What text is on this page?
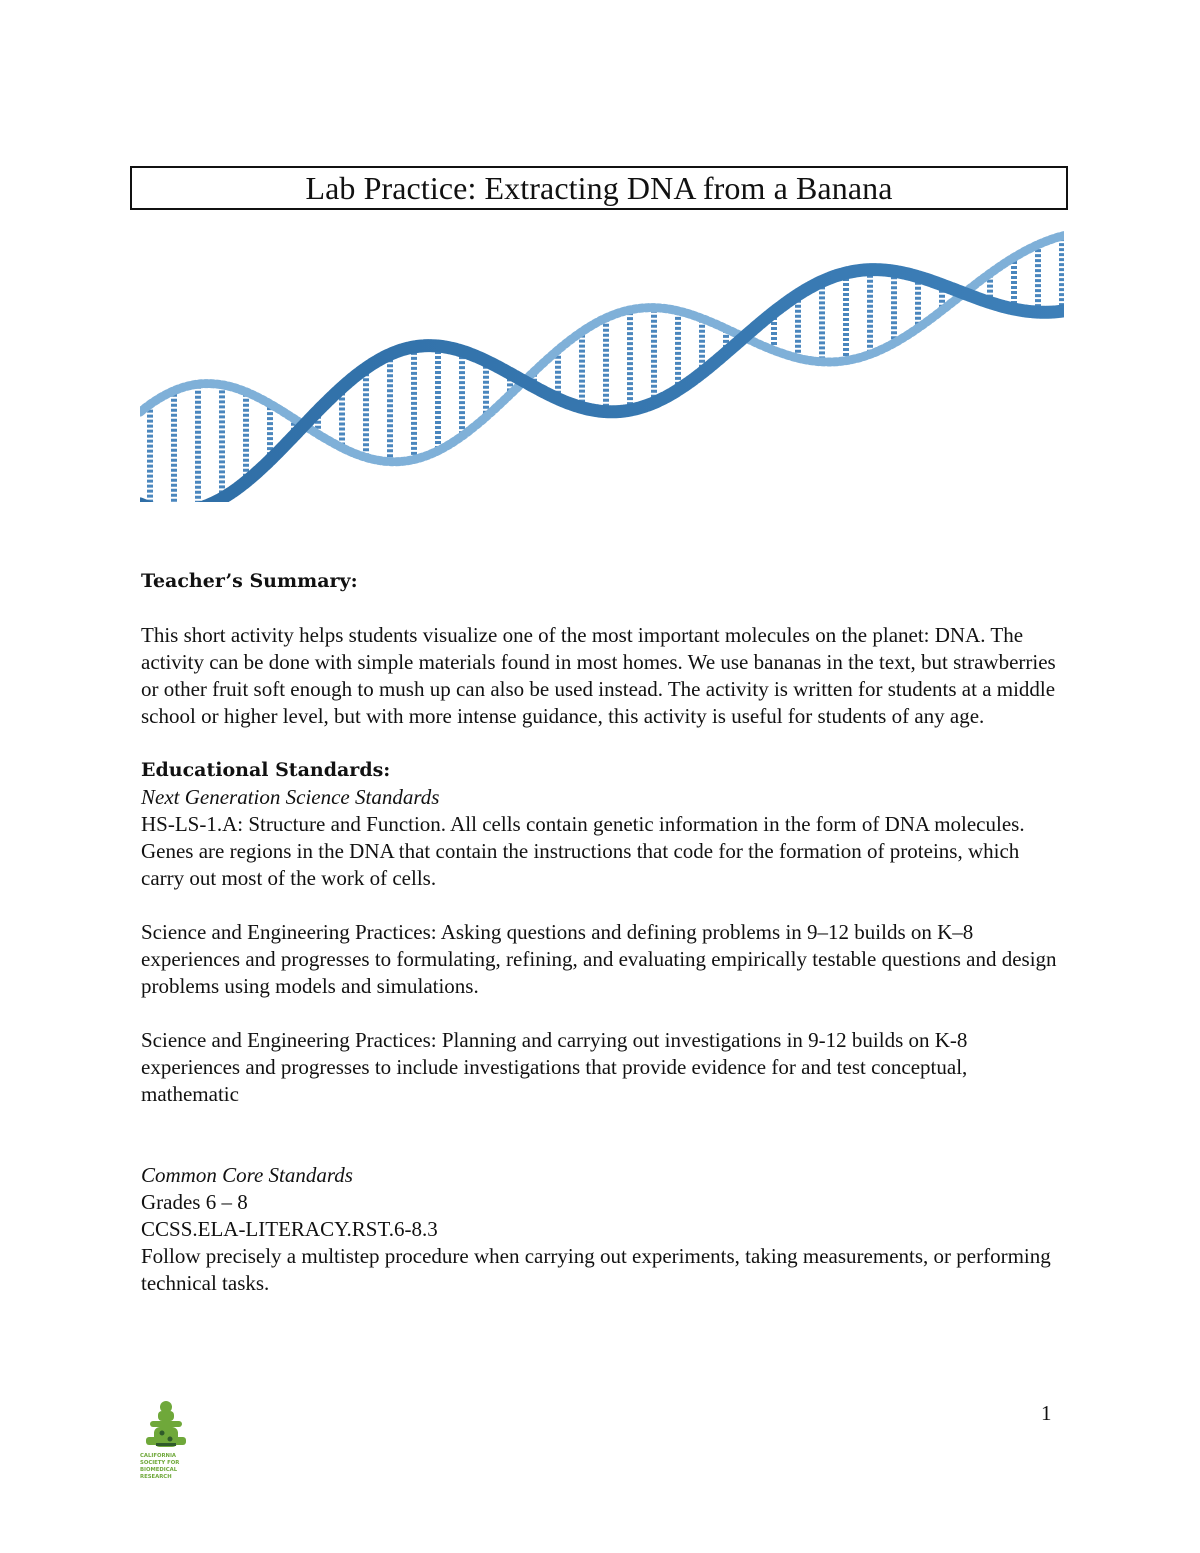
Lab Practice: Extracting DNA from a Banana
Teacher’s Summary:

This short activity helps students visualize one of the most important molecules on the planet: DNA. The activity can be done with simple materials found in most homes. We use bananas in the text, but strawberries or other fruit soft enough to mush up can also be used instead. The activity is written for students at a middle school or higher level, but with more intense guidance, this activity is useful for students of any age.

Educational Standards:
Next Generation Science Standards

HS-LS-1.A: Structure and Function. All cells contain genetic information in the form of DNA molecules. Genes are regions in the DNA that contain the instructions that code for the formation of proteins, which carry out most of the work of cells.

Science and Engineering Practices: Asking questions and defining problems in 9–12 builds on K–8 experiences and progresses to formulating, refining, and evaluating empirically testable questions and design problems using models and simulations.

Science and Engineering Practices: Planning and carrying out investigations in 9-12 builds on K-8 experiences and progresses to include investigations that provide evidence for and test conceptual, mathematic

Common Core Standards
Grades 6 – 8
CCSS.ELA-LITERACY.RST.6-8.3

Follow precisely a multistep procedure when carrying out experiments, taking measurements, or performing technical tasks.

CALIFORNIA
SOCIETY FOR
BIOMEDICAL
RESEARCH
1
